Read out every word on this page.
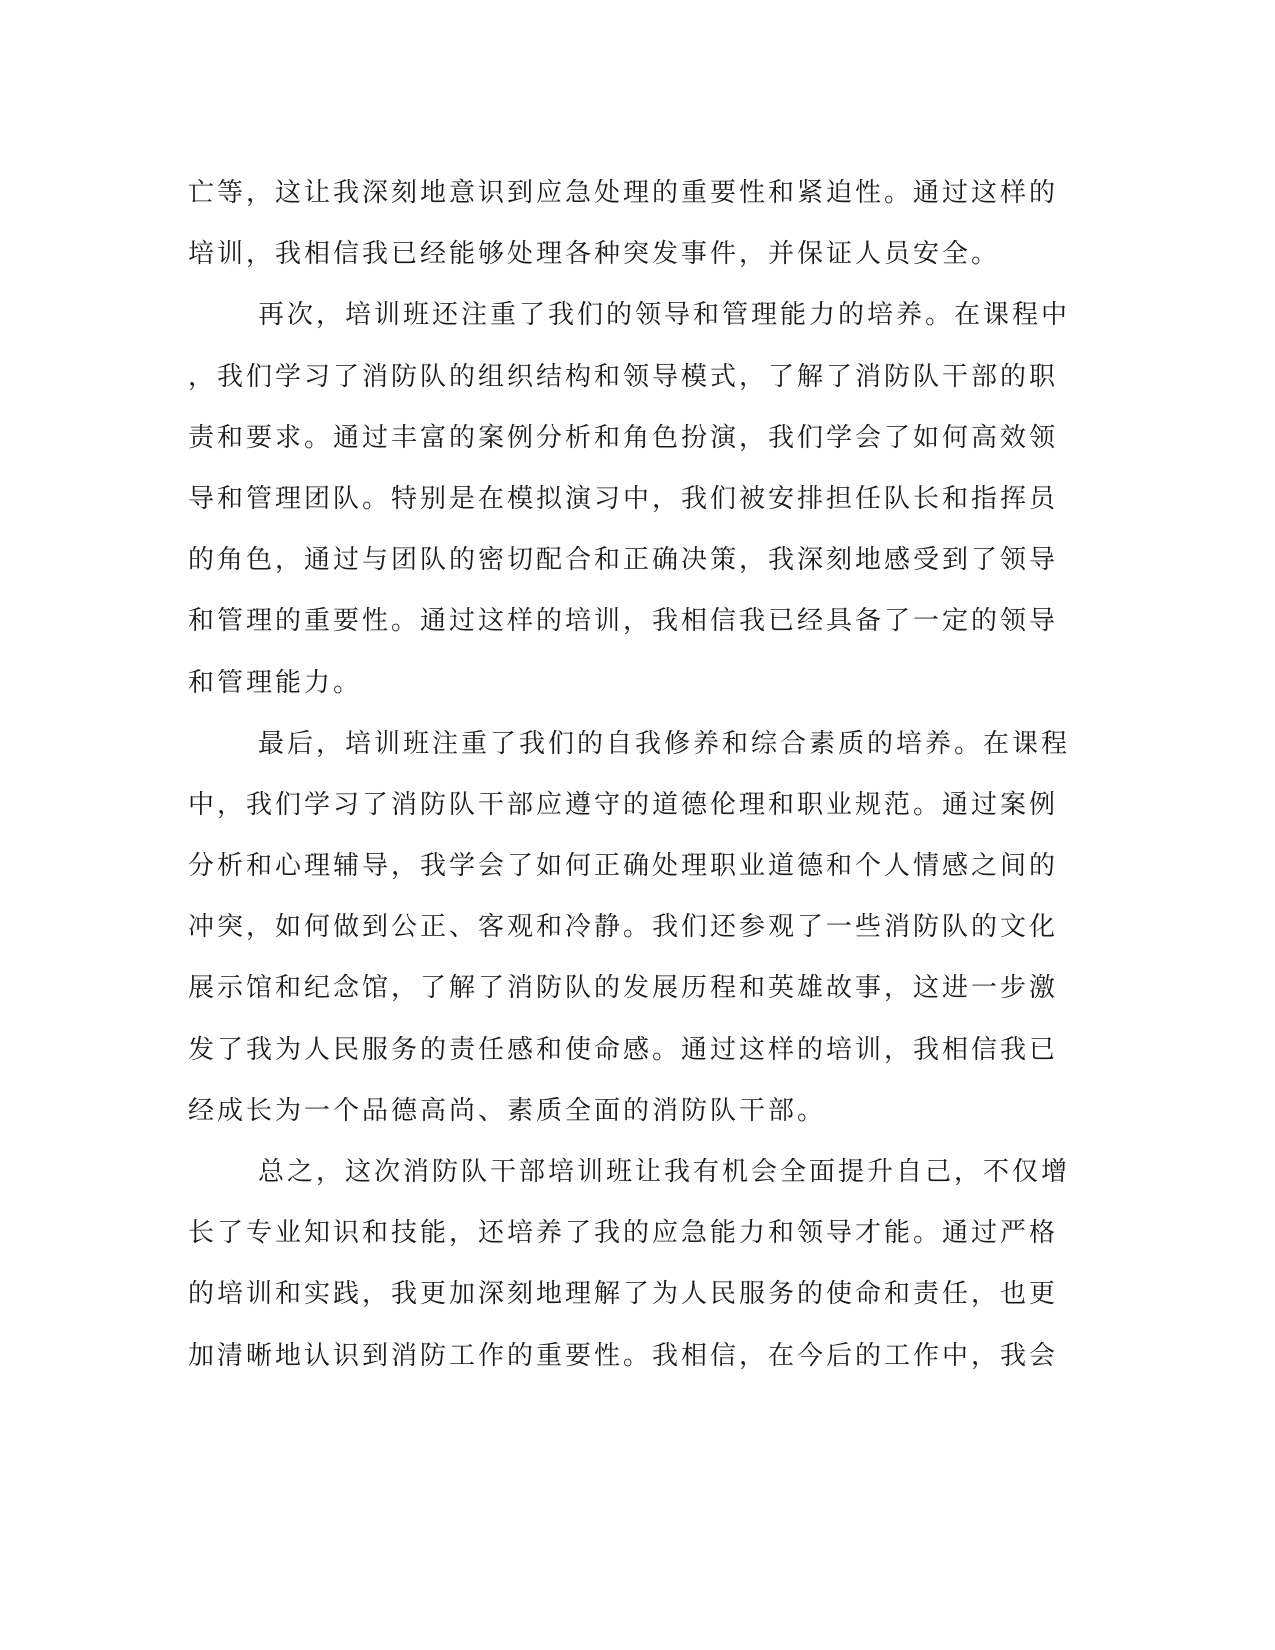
亡等，这让我深刻地意识到应急处理的重要性和紧迫性。通过这样的
培训，我相信我已经能够处理各种突发事件，并保证人员安全。
再次，培训班还注重了我们的领导和管理能力的培养。在课程中
，我们学习了消防队的组织结构和领导模式，了解了消防队干部的职
责和要求。通过丰富的案例分析和角色扮演，我们学会了如何高效领
导和管理团队。特别是在模拟演习中，我们被安排担任队长和指挥员
的角色，通过与团队的密切配合和正确决策，我深刻地感受到了领导
和管理的重要性。通过这样的培训，我相信我已经具备了一定的领导
和管理能力。
最后，培训班注重了我们的自我修养和综合素质的培养。在课程
中，我们学习了消防队干部应遵守的道德伦理和职业规范。通过案例
分析和心理辅导，我学会了如何正确处理职业道德和个人情感之间的
冲突，如何做到公正、客观和冷静。我们还参观了一些消防队的文化
展示馆和纪念馆，了解了消防队的发展历程和英雄故事，这进一步激
发了我为人民服务的责任感和使命感。通过这样的培训，我相信我已
经成长为一个品德高尚、素质全面的消防队干部。
总之，这次消防队干部培训班让我有机会全面提升自己，不仅增
长了专业知识和技能，还培养了我的应急能力和领导才能。通过严格
的培训和实践，我更加深刻地理解了为人民服务的使命和责任，也更
加清晰地认识到消防工作的重要性。我相信，在今后的工作中，我会
